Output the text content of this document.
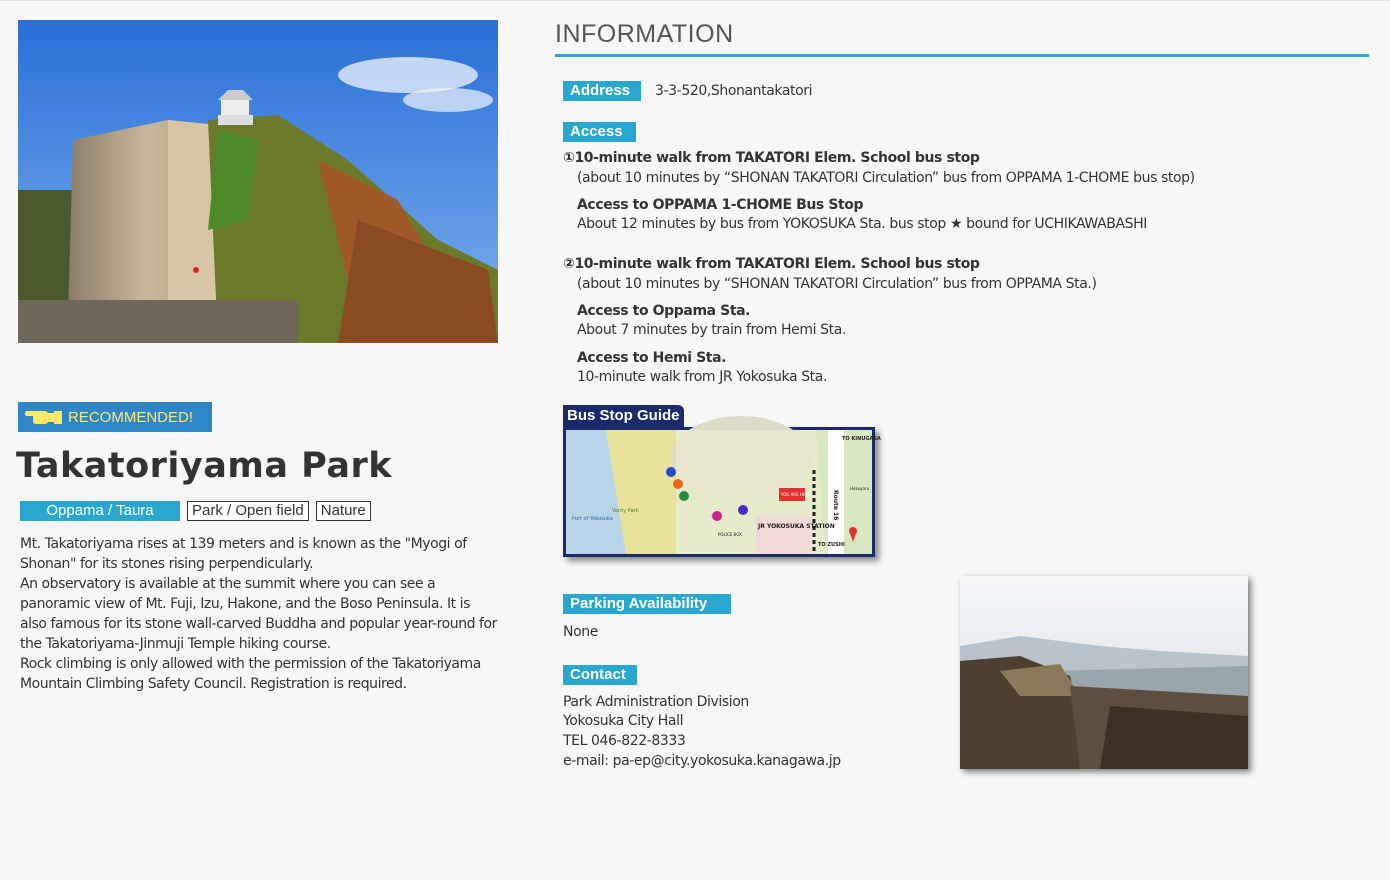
RECOMMENDED!
Takatoriyama Park
Oppama / Taura	Park / Open field	Nature

Mt. Takatoriyama rises at 139 meters and is known as the "Myogi of Shonan" for its stones rising perpendicularly.

An observatory is available at the summit where you can see a panoramic view of Mt. Fuji, Izu, Hakone, and the Boso Peninsula. It is also famous for its stone wall-carved Buddha and popular year-round for the Takatoriyama-Jinmuji Temple hiking course.

Rock climbing is only allowed with the permission of the Takatoriyama Mountain Climbing Safety Council. Registration is required.

INFORMATION
Address	3-3-520,Shonantakatori
Access
①10-minute walk from TAKATORI Elem. School bus stop
(about 10 minutes by “SHONAN TAKATORI Circulation” bus from OPPAMA 1-CHOME bus stop)
Access to OPPAMA 1-CHOME Bus Stop
About 12 minutes by bus from YOKOSUKA Sta. bus stop ★ bound for UCHIKAWABASHI
②10-minute walk from TAKATORI Elem. School bus stop
(about 10 minutes by “SHONAN TAKATORI Circulation” bus from OPPAMA Sta.)
Access to Oppama Sta.
About 7 minutes by train from Hemi Sta.
Access to Hemi Sta.
10-minute walk from JR Yokosuka Sta.
Bus Stop Guide
TO KINUGASA
Route 16
Verny Park
Port of Yokosuka
JR YOKOSUKA STATION
YOU ARE HERE
POLICE BOX
TO ZUSHI
Hokuyoru
Parking Availability
None
Contact
Park Administration Division
Yokosuka City Hall
TEL 046-822-8333
e-mail: pa-ep@city.yokosuka.kanagawa.jp
